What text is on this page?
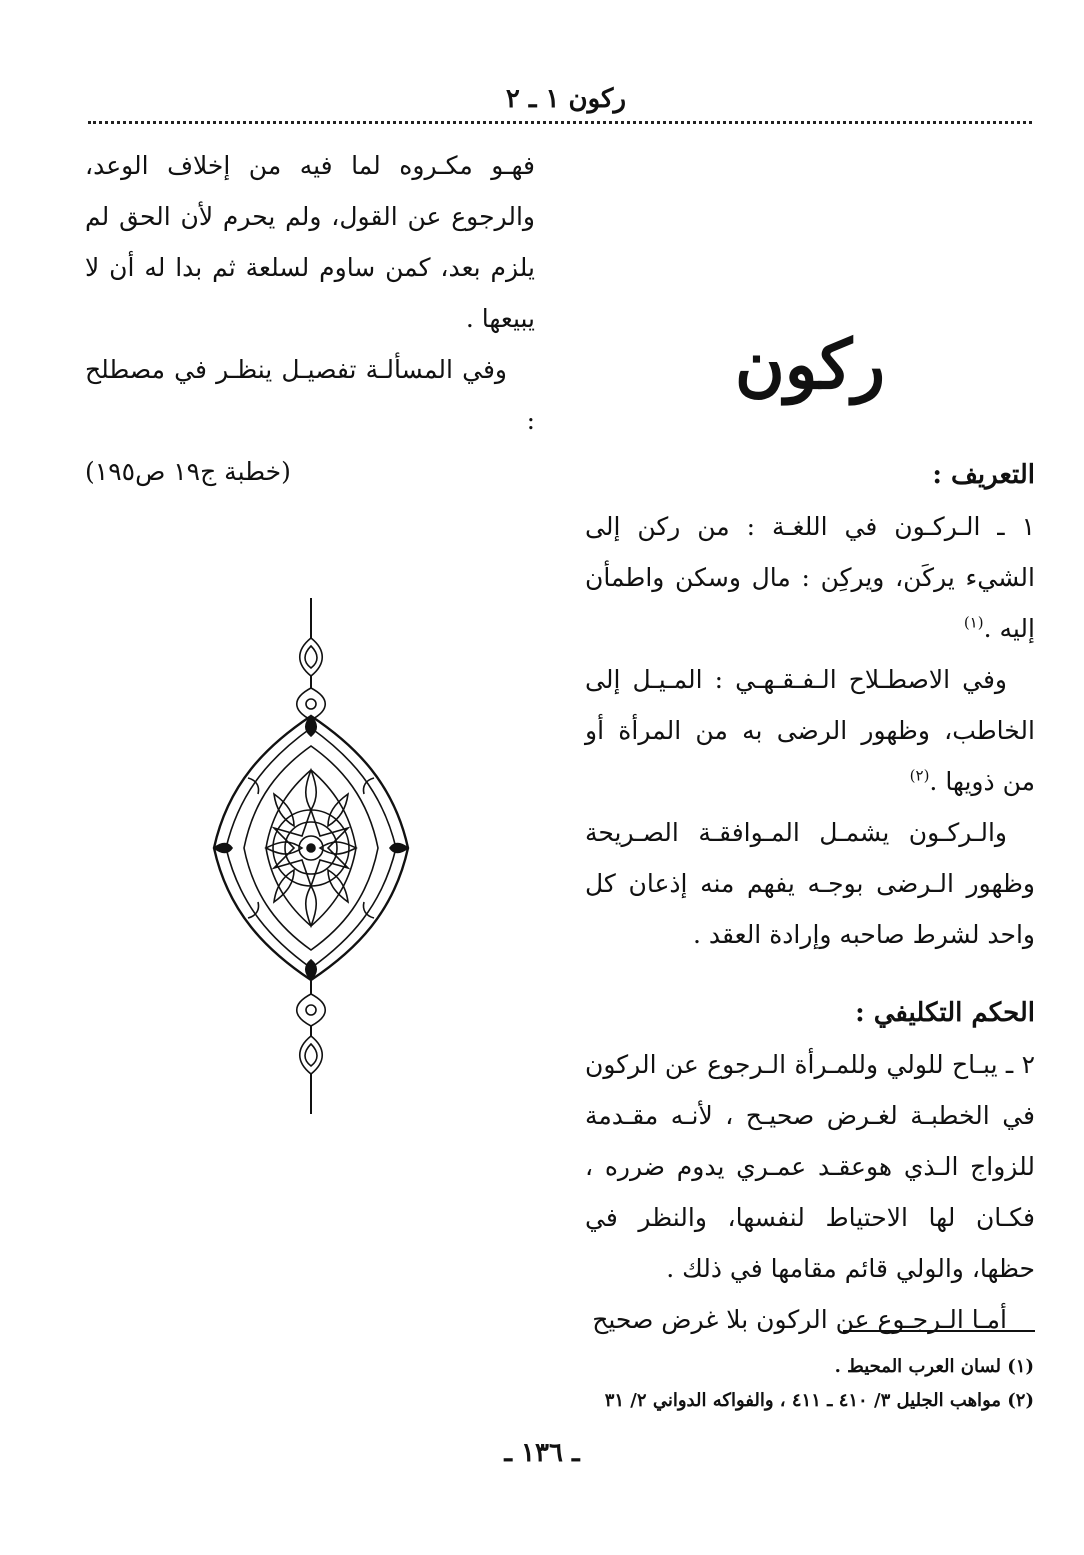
ركون ١ ـ ٢

فهـو مكـروه لما فيه من إخلاف الوعد، والرجوع عن القول، ولم يحرم لأن الحق لم يلزم بعد، كمن ساوم لسلعة ثم بدا له أن لا يبيعها .

وفي المسألـة تفصيـل ينظـر في مصطلح :

(خطبة ج١٩ ص١٩٥)

ركون

التعريف :

١ ـ الـركـون في اللغـة : من ركن إلى الشيء يركَن، ويركِن : مال وسكن واطمأن إليه .$^{(١)}$

وفي الاصطـلاح الـفـقـهـي : المـيـل إلى الخاطب، وظهور الرضى به من المرأة أو من ذويها .$^{(٢)}$

والـركـون يشمـل المـوافقـة الصـريحة وظهور الـرضى بوجـه يفهم منه إذعان كل واحد لشرط صاحبه وإرادة العقد .

الحكم التكليفي :

٢ ـ يبـاح للولي وللمـرأة الـرجوع عن الركون في الخطبـة لغـرض صحيـح ، لأنـه مقـدمة للزواج الـذي هوعقـد عمـري يدوم ضرره ، فكـان لها الاحتياط لنفسها، والنظر في حظها، والولي قائم مقامها في ذلك .

أمـا الـرجـوع عن الركون بلا غرض صحيح

(١) لسان العرب المحيط .

(٢) مواهب الجليل ٣/ ٤١٠ ـ ٤١١ ، والفواكه الدواني ٢/ ٣١

ـ ١٣٦ ـ
